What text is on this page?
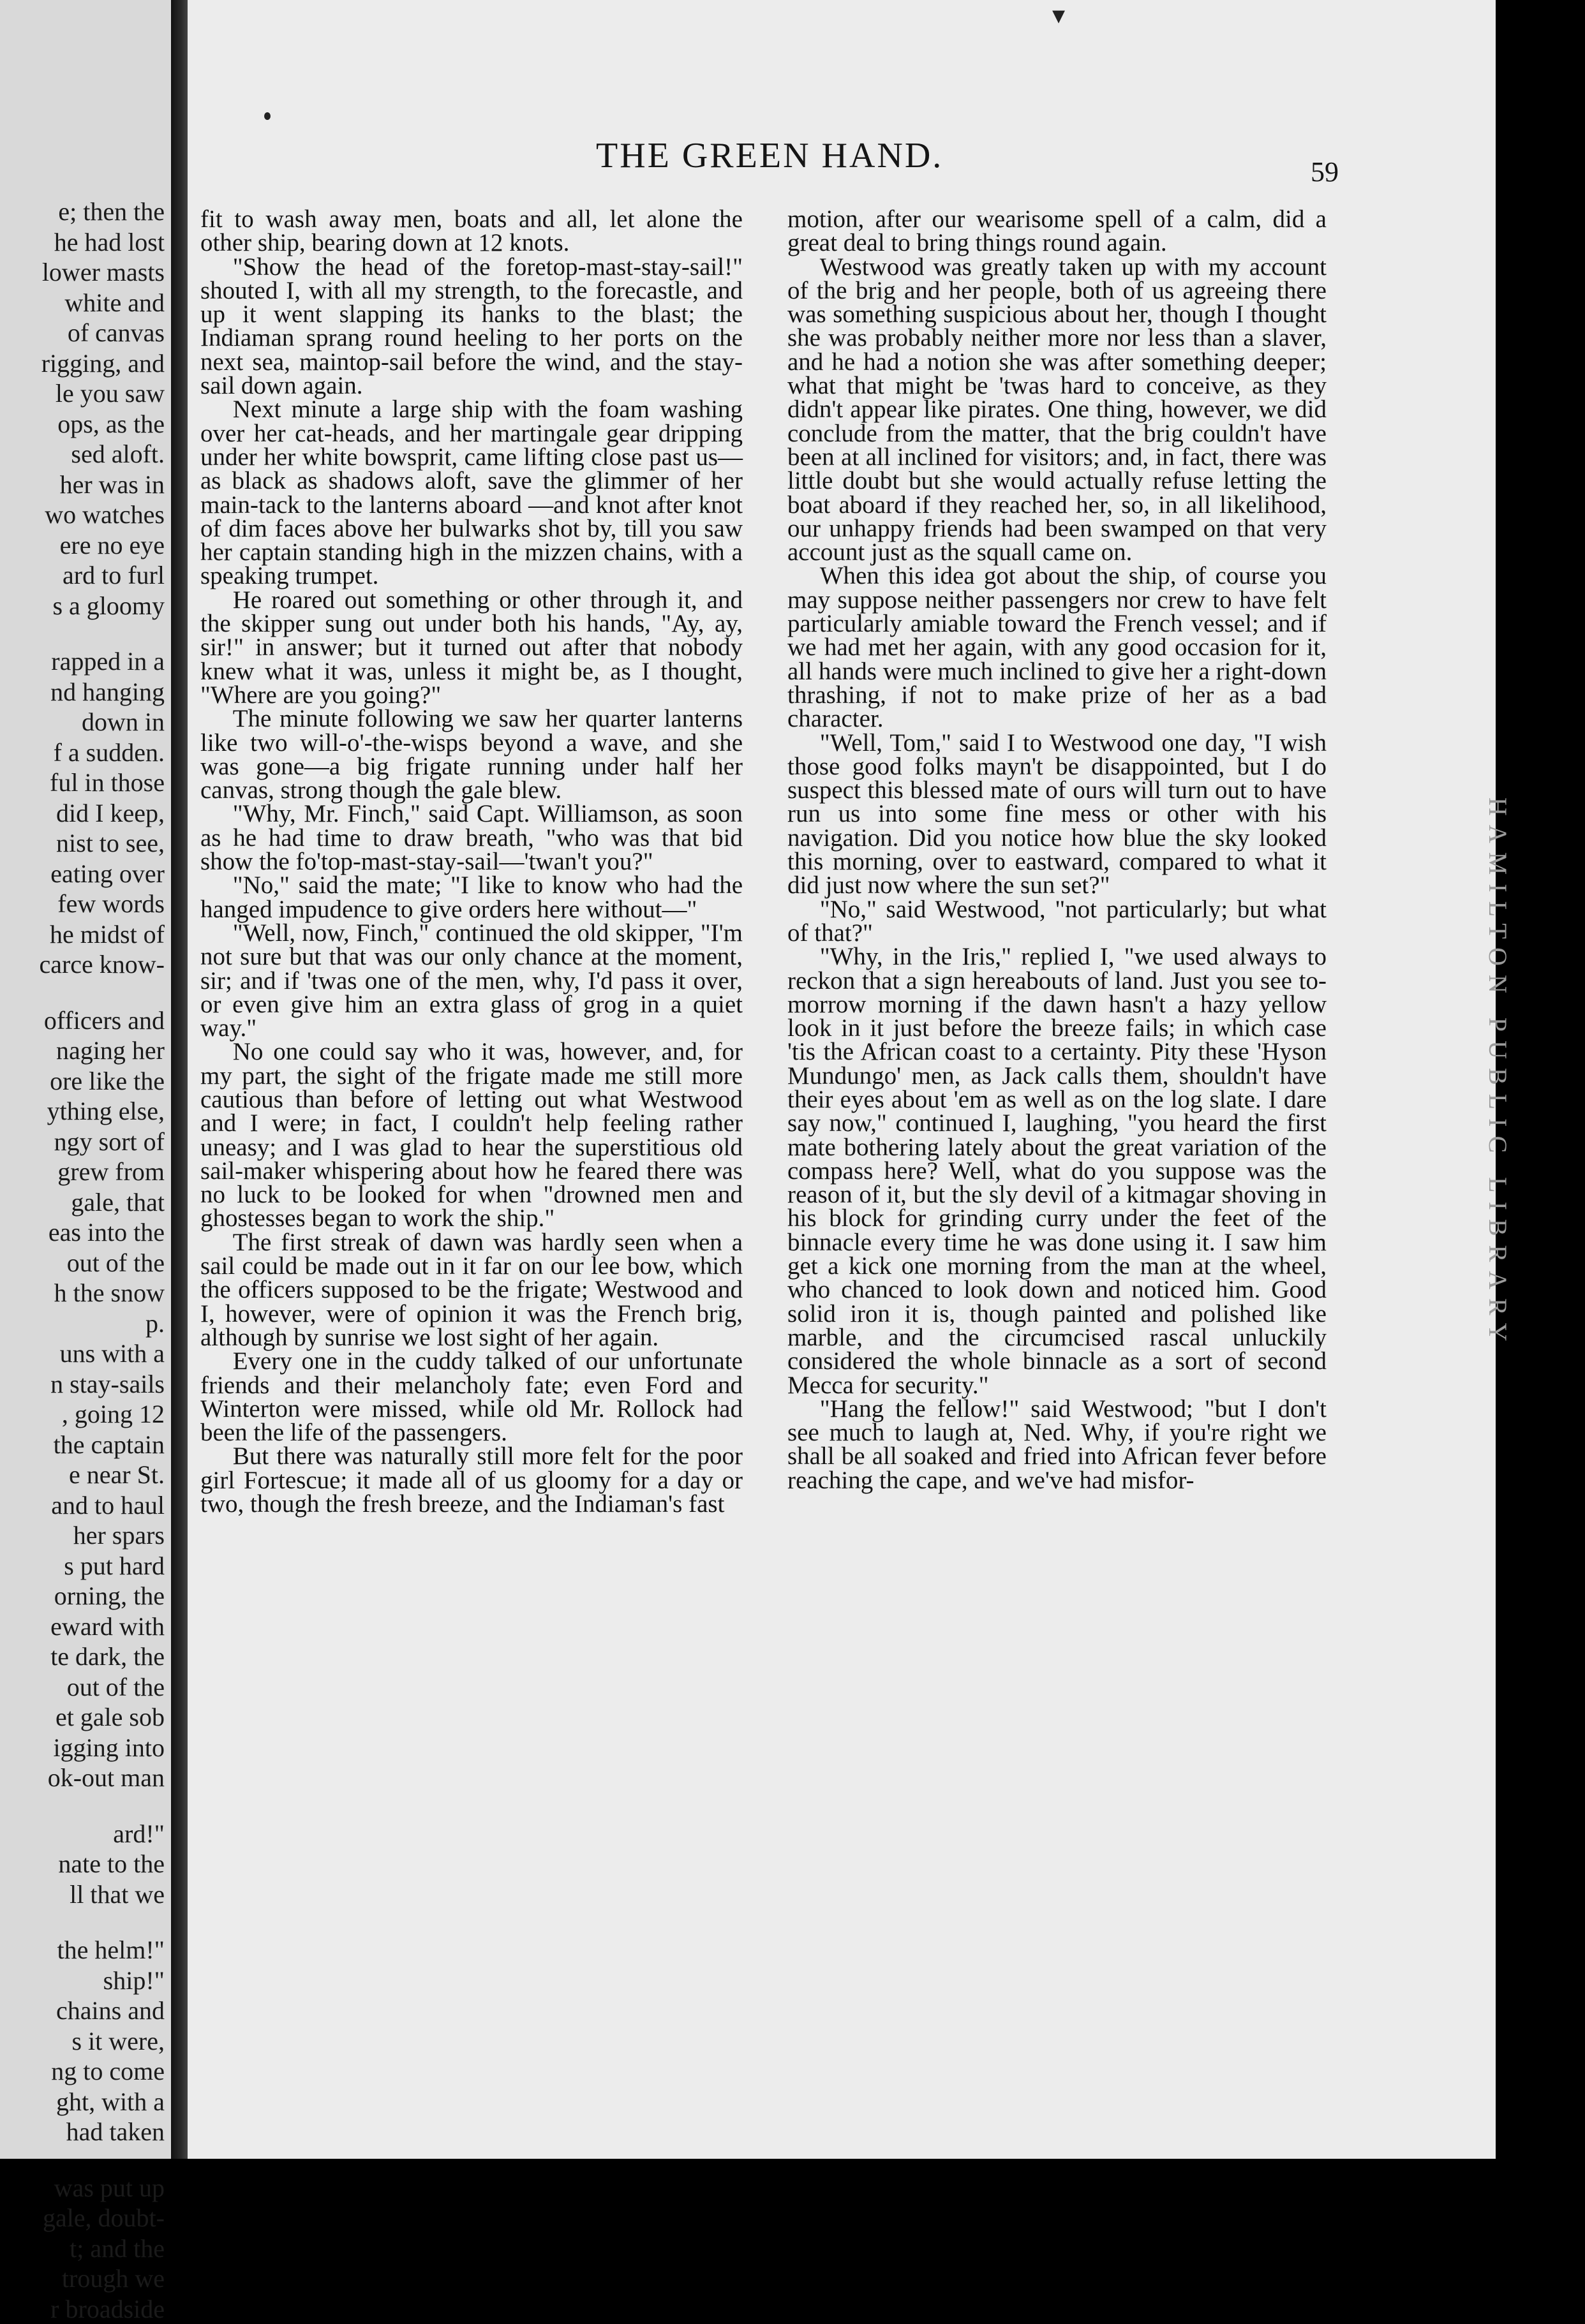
e; then the
he had lost
lower masts
white and
of canvas
rigging, and
le you saw
ops, as the
sed aloft.
her was in
wo watches
ere no eye
ard to furl
s a gloomy

rapped in a
nd hanging
down in
f a sudden.
ful in those
did I keep,
nist to see,
eating over
few words
he midst of
carce know-

officers and
naging her
ore like the
ything else,
ngy sort of
grew from
gale, that
eas into the
out of the
h the snow
p.
uns with a
n stay-sails
, going 12
the captain
e near St.
and to haul
her spars
s put hard
orning, the
eward with
te dark, the
out of the
et gale sob
igging into
ok-out man

ard!"
nate to the
ll that we

the helm!"
ship!"
chains and
s it were,
ng to come
ght, with a
had taken

was put up
gale, doubt-
t; and the
trough we
r broadside
▾
THE GREEN HAND.	59

fit to wash away men, boats and all, let alone the other ship, bearing down at 12 knots.

"Show the head of the foretop-mast-stay-sail!" shouted I, with all my strength, to the forecastle, and up it went slapping its hanks to the blast; the Indiaman sprang round heeling to her ports on the next sea, maintop-sail before the wind, and the stay-sail down again.

Next minute a large ship with the foam washing over her cat-heads, and her martingale gear dripping under her white bowsprit, came lifting close past us—as black as shadows aloft, save the glimmer of her main-tack to the lanterns aboard —and knot after knot of dim faces above her bulwarks shot by, till you saw her captain standing high in the mizzen chains, with a speaking trumpet.

He roared out something or other through it, and the skipper sung out under both his hands, "Ay, ay, sir!" in answer; but it turned out after that nobody knew what it was, unless it might be, as I thought, "Where are you going?"

The minute following we saw her quarter lanterns like two will-o'-the-wisps beyond a wave, and she was gone—a big frigate running under half her canvas, strong though the gale blew.

"Why, Mr. Finch," said Capt. Williamson, as soon as he had time to draw breath, "who was that bid show the fo'top-mast-stay-sail—'twan't you?"

"No," said the mate; "I like to know who had the hanged impudence to give orders here without—"

"Well, now, Finch," continued the old skipper, "I'm not sure but that was our only chance at the moment, sir; and if 'twas one of the men, why, I'd pass it over, or even give him an extra glass of grog in a quiet way."

No one could say who it was, however, and, for my part, the sight of the frigate made me still more cautious than before of letting out what Westwood and I were; in fact, I couldn't help feeling rather uneasy; and I was glad to hear the superstitious old sail-maker whispering about how he feared there was no luck to be looked for when "drowned men and ghostesses began to work the ship."

The first streak of dawn was hardly seen when a sail could be made out in it far on our lee bow, which the officers supposed to be the frigate; Westwood and I, however, were of opinion it was the French brig, although by sunrise we lost sight of her again.

Every one in the cuddy talked of our unfortunate friends and their melancholy fate; even Ford and Winterton were missed, while old Mr. Rollock had been the life of the passengers.

But there was naturally still more felt for the poor girl Fortescue; it made all of us gloomy for a day or two, though the fresh breeze, and the Indiaman's fast

motion, after our wearisome spell of a calm, did a great deal to bring things round again.

Westwood was greatly taken up with my account of the brig and her people, both of us agreeing there was something suspicious about her, though I thought she was probably neither more nor less than a slaver, and he had a notion she was after something deeper; what that might be 'twas hard to conceive, as they didn't appear like pirates. One thing, however, we did conclude from the matter, that the brig couldn't have been at all inclined for visitors; and, in fact, there was little doubt but she would actually refuse letting the boat aboard if they reached her, so, in all likelihood, our unhappy friends had been swamped on that very account just as the squall came on.

When this idea got about the ship, of course you may suppose neither passengers nor crew to have felt particularly amiable toward the French vessel; and if we had met her again, with any good occasion for it, all hands were much inclined to give her a right-down thrashing, if not to make prize of her as a bad character.

"Well, Tom," said I to Westwood one day, "I wish those good folks mayn't be disappointed, but I do suspect this blessed mate of ours will turn out to have run us into some fine mess or other with his navigation. Did you notice how blue the sky looked this morning, over to eastward, compared to what it did just now where the sun set?"

"No," said Westwood, "not particularly; but what of that?"

"Why, in the Iris," replied I, "we used always to reckon that a sign hereabouts of land. Just you see to-morrow morning if the dawn hasn't a hazy yellow look in it just before the breeze fails; in which case 'tis the African coast to a certainty. Pity these 'Hyson Mundungo' men, as Jack calls them, shouldn't have their eyes about 'em as well as on the log slate. I dare say now," continued I, laughing, "you heard the first mate bothering lately about the great variation of the compass here? Well, what do you suppose was the reason of it, but the sly devil of a kitmagar shoving in his block for grinding curry under the feet of the binnacle every time he was done using it. I saw him get a kick one morning from the man at the wheel, who chanced to look down and noticed him. Good solid iron it is, though painted and polished like marble, and the circumcised rascal unluckily considered the whole binnacle as a sort of second Mecca for security."

"Hang the fellow!" said Westwood; "but I don't see much to laugh at, Ned. Why, if you're right we shall be all soaked and fried into African fever before reaching the cape, and we've had misfor-

HAMILTON PUBLIC LIBRARY
